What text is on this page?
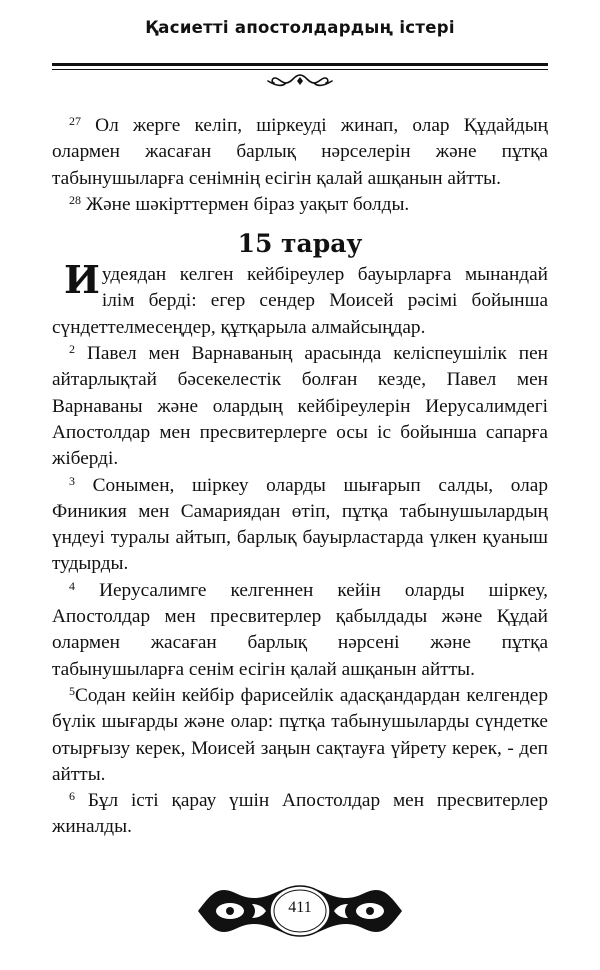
Қасиетті апостолдардың істері

$^{27}$ Ол жерге келіп, шіркеуді жинап, олар Құдайдың олармен жасаған барлық нәрселерін және пұтқа табынушыларға сенімнің есігін қалай ашқанын айтты.

$^{28}$ Және шәкірттермен біраз уақыт болды.

15 тарау

Иудеядан келген кейбіреулер бауырларға мынандай ілім берді: егер сендер Моисей рәсімі бойынша сүндеттелмесеңдер, құтқарыла алмайсыңдар.

$^2$ Павел мен Варнаваның арасында келіспеушілік пен айтарлықтай бәсекелестік болған кезде, Павел мен Варнаваны және олардың кейбіреулерін Иерусалимдегі Апостолдар мен пресвитерлерге осы іс бойынша сапарға жіберді.

$^3$ Сонымен, шіркеу оларды шығарып салды, олар Финикия мен Самариядан өтіп, пұтқа табынушылардың үндеуі туралы айтып, барлық бауырластарда үлкен қуаныш тудырды.

$^4$ Иерусалимге келгеннен кейін оларды шіркеу, Апостолдар мен пресвитерлер қабылдады және Құдай олармен жасаған барлық нәрсені және пұтқа табынушыларға сенім есігін қалай ашқанын айтты.

$^5$Содан кейін кейбір фарисейлік адасқандардан келгендер бүлік шығарды және олар: пұтқа табынушыларды сүндетке отырғызу керек, Моисей заңын сақтауға үйрету керек, - деп айтты.

$^6$ Бұл істі қарау үшін Апостолдар мен пресвитерлер жиналды.

411
